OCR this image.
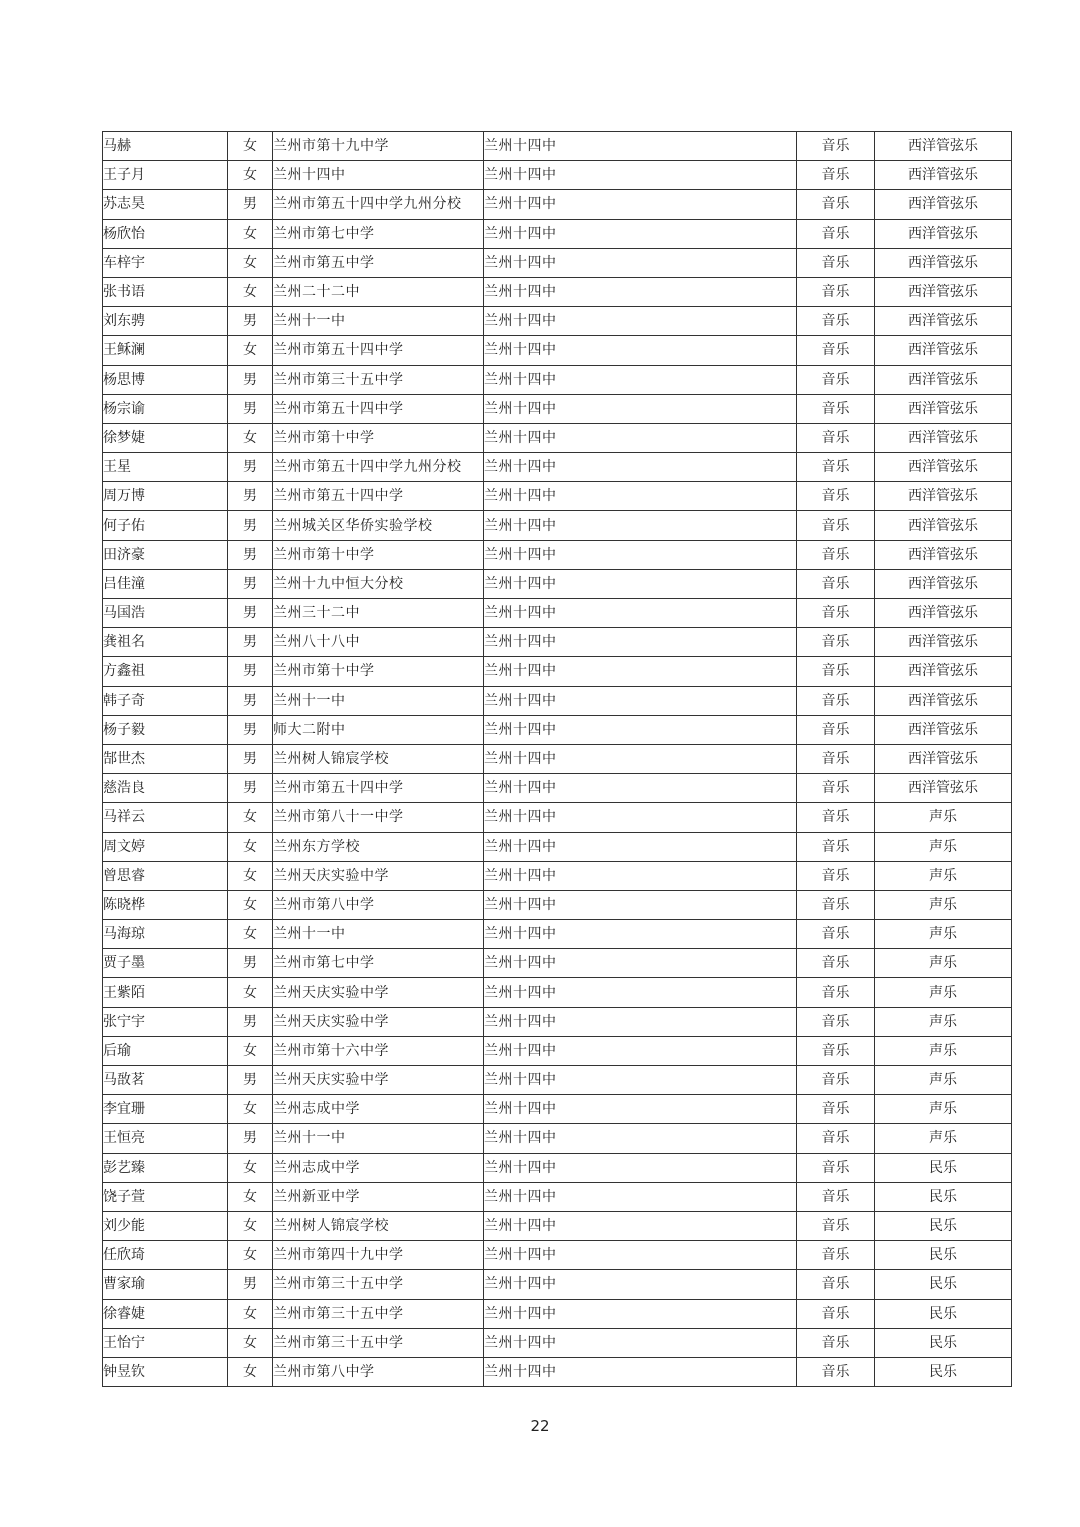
马赫	女	兰州市第十九中学	兰州十四中	音乐	西洋管弦乐
王子月	女	兰州十四中	兰州十四中	音乐	西洋管弦乐
苏志昊	男	兰州市第五十四中学九州分校	兰州十四中	音乐	西洋管弦乐
杨欣怡	女	兰州市第七中学	兰州十四中	音乐	西洋管弦乐
车梓宇	女	兰州市第五中学	兰州十四中	音乐	西洋管弦乐
张书语	女	兰州二十二中	兰州十四中	音乐	西洋管弦乐
刘东骋	男	兰州十一中	兰州十四中	音乐	西洋管弦乐
王稣澜	女	兰州市第五十四中学	兰州十四中	音乐	西洋管弦乐
杨思博	男	兰州市第三十五中学	兰州十四中	音乐	西洋管弦乐
杨宗谕	男	兰州市第五十四中学	兰州十四中	音乐	西洋管弦乐
徐梦婕	女	兰州市第十中学	兰州十四中	音乐	西洋管弦乐
王星	男	兰州市第五十四中学九州分校	兰州十四中	音乐	西洋管弦乐
周万博	男	兰州市第五十四中学	兰州十四中	音乐	西洋管弦乐
何子佑	男	兰州城关区华侨实验学校	兰州十四中	音乐	西洋管弦乐
田济豪	男	兰州市第十中学	兰州十四中	音乐	西洋管弦乐
吕佳潼	男	兰州十九中恒大分校	兰州十四中	音乐	西洋管弦乐
马国浩	男	兰州三十二中	兰州十四中	音乐	西洋管弦乐
龚祖名	男	兰州八十八中	兰州十四中	音乐	西洋管弦乐
方鑫祖	男	兰州市第十中学	兰州十四中	音乐	西洋管弦乐
韩子奇	男	兰州十一中	兰州十四中	音乐	西洋管弦乐
杨子毅	男	师大二附中	兰州十四中	音乐	西洋管弦乐
郜世杰	男	兰州树人锦宸学校	兰州十四中	音乐	西洋管弦乐
慈浩良	男	兰州市第五十四中学	兰州十四中	音乐	西洋管弦乐
马祥云	女	兰州市第八十一中学	兰州十四中	音乐	声乐
周文婷	女	兰州东方学校	兰州十四中	音乐	声乐
曾思睿	女	兰州天庆实验中学	兰州十四中	音乐	声乐
陈晓桦	女	兰州市第八中学	兰州十四中	音乐	声乐
马海琼	女	兰州十一中	兰州十四中	音乐	声乐
贾子墨	男	兰州市第七中学	兰州十四中	音乐	声乐
王紫陌	女	兰州天庆实验中学	兰州十四中	音乐	声乐
张宁宇	男	兰州天庆实验中学	兰州十四中	音乐	声乐
后瑜	女	兰州市第十六中学	兰州十四中	音乐	声乐
马敔茗	男	兰州天庆实验中学	兰州十四中	音乐	声乐
李宜珊	女	兰州志成中学	兰州十四中	音乐	声乐
王恒亮	男	兰州十一中	兰州十四中	音乐	声乐
彭艺臻	女	兰州志成中学	兰州十四中	音乐	民乐
饶子萱	女	兰州新亚中学	兰州十四中	音乐	民乐
刘少能	女	兰州树人锦宸学校	兰州十四中	音乐	民乐
任欣琦	女	兰州市第四十九中学	兰州十四中	音乐	民乐
曹家瑜	男	兰州市第三十五中学	兰州十四中	音乐	民乐
徐睿婕	女	兰州市第三十五中学	兰州十四中	音乐	民乐
王怡宁	女	兰州市第三十五中学	兰州十四中	音乐	民乐
钟昱钦	女	兰州市第八中学	兰州十四中	音乐	民乐
22
